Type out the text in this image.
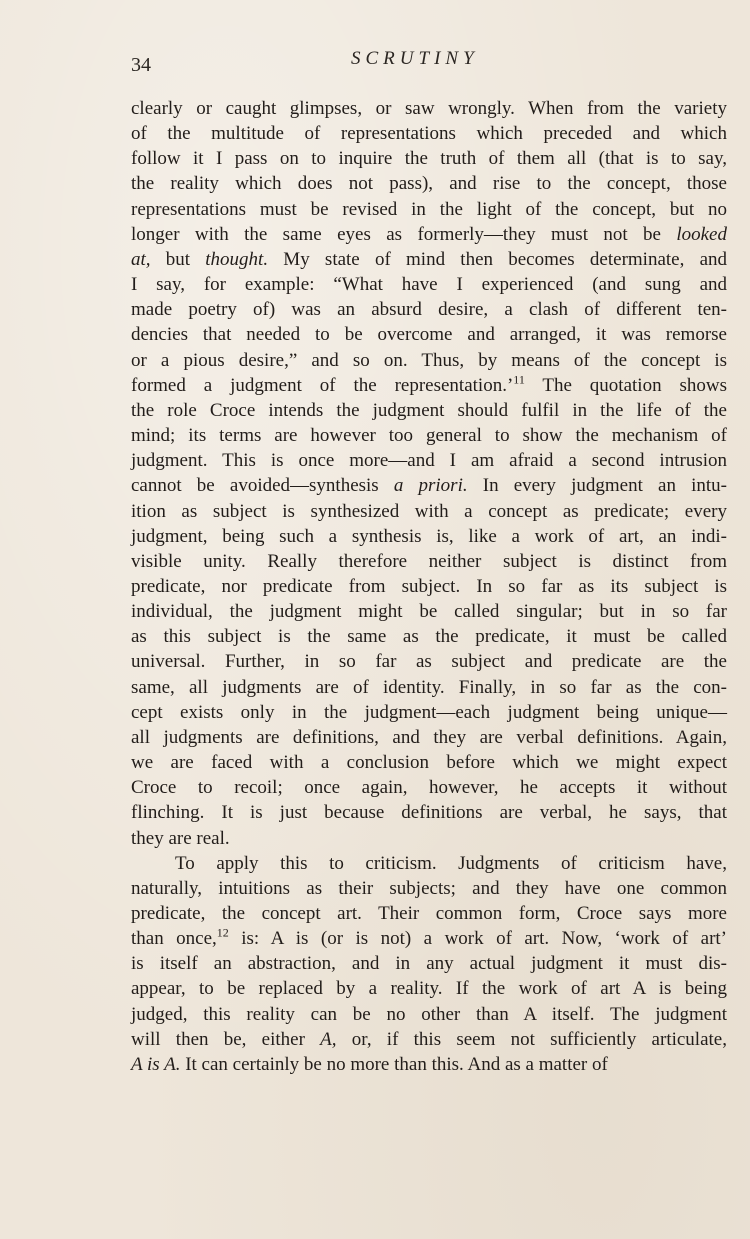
34	SCRUTINY
clearly or caught glimpses, or saw wrongly. When from the variety
of the multitude of representations which preceded and which
follow it I pass on to inquire the truth of them all (that is to say,
the reality which does not pass), and rise to the concept, those
representations must be revised in the light of the concept, but no
longer with the same eyes as formerly—they must not be looked
at, but thought. My state of mind then becomes determinate, and
I say, for example: “What have I experienced (and sung and
made poetry of) was an absurd desire, a clash of different ten-
dencies that needed to be overcome and arranged, it was remorse
or a pious desire,” and so on. Thus, by means of the concept is
formed a judgment of the representation.’$^{11}$ The quotation shows
the role Croce intends the judgment should fulfil in the life of the
mind; its terms are however too general to show the mechanism of
judgment. This is once more—and I am afraid a second intrusion
cannot be avoided—synthesis a priori. In every judgment an intu-
ition as subject is synthesized with a concept as predicate; every
judgment, being such a synthesis is, like a work of art, an indi-
visible unity. Really therefore neither subject is distinct from
predicate, nor predicate from subject. In so far as its subject is
individual, the judgment might be called singular; but in so far
as this subject is the same as the predicate, it must be called
universal. Further, in so far as subject and predicate are the
same, all judgments are of identity. Finally, in so far as the con-
cept exists only in the judgment—each judgment being unique—
all judgments are definitions, and they are verbal definitions. Again,
we are faced with a conclusion before which we might expect
Croce to recoil; once again, however, he accepts it without
flinching. It is just because definitions are verbal, he says, that
they are real.
To apply this to criticism. Judgments of criticism have,
naturally, intuitions as their subjects; and they have one common
predicate, the concept art. Their common form, Croce says more
than once,$^{12}$ is: A is (or is not) a work of art. Now, ‘work of art’
is itself an abstraction, and in any actual judgment it must dis-
appear, to be replaced by a reality. If the work of art A is being
judged, this reality can be no other than A itself. The judgment
will then be, either A, or, if this seem not sufficiently articulate,
A is A. It can certainly be no more than this. And as a matter of
